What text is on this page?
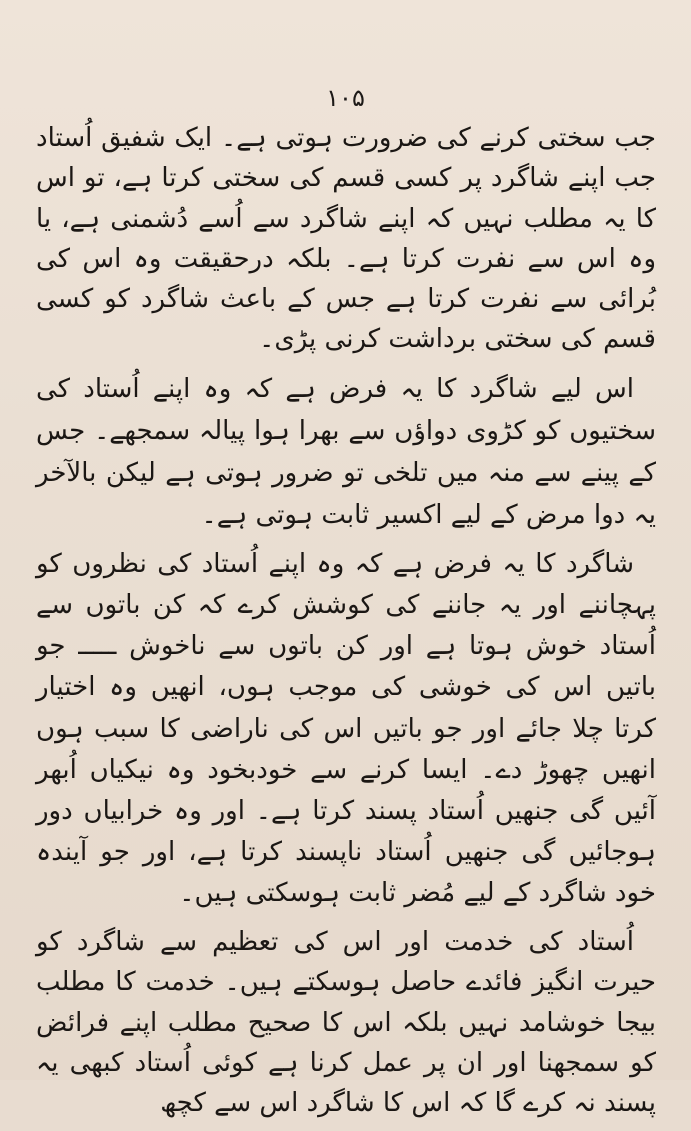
۱۰۵

جب سختی کرنے کی ضرورت ہوتی ہے۔ ایک شفیق اُستاد جب اپنے شاگرد پر کسی قسم کی سختی کرتا ہے، تو اس کا یہ مطلب نہیں کہ اپنے شاگرد سے اُسے دُشمنی ہے، یا وہ اس سے نفرت کرتا ہے۔ بلکہ درحقیقت وہ اس کی بُرائی سے نفرت کرتا ہے جس کے باعث شاگرد کو کسی قسم کی سختی برداشت کرنی پڑی۔

اس لیے شاگرد کا یہ فرض ہے کہ وہ اپنے اُستاد کی سختیوں کو کڑوی دواؤں سے بھرا ہوا پیالہ سمجھے۔ جس کے پینے سے منہ میں تلخی تو ضرور ہوتی ہے لیکن بالآخر یہ دوا مرض کے لیے اکسیر ثابت ہوتی ہے۔

شاگرد کا یہ فرض ہے کہ وہ اپنے اُستاد کی نظروں کو پہچاننے اور یہ جاننے کی کوشش کرے کہ کن باتوں سے اُستاد خوش ہوتا ہے اور کن باتوں سے ناخوش ـــــ جو باتیں اس کی خوشی کی موجب ہوں، انھیں وہ اختیار کرتا چلا جائے اور جو باتیں اس کی ناراضی کا سبب ہوں انھیں چھوڑ دے۔ ایسا کرنے سے خودبخود وہ نیکیاں اُبھر آئیں گی جنھیں اُستاد پسند کرتا ہے۔ اور وہ خرابیاں دور ہوجائیں گی جنھیں اُستاد ناپسند کرتا ہے، اور جو آیندہ خود شاگرد کے لیے مُضر ثابت ہوسکتی ہیں۔

اُستاد کی خدمت اور اس کی تعظیم سے شاگرد کو حیرت انگیز فائدے حاصل ہوسکتے ہیں۔ خدمت کا مطلب بیجا خوشامد نہیں بلکہ اس کا صحیح مطلب اپنے فرائض کو سمجھنا اور ان پر عمل کرنا ہے کوئی اُستاد کبھی یہ پسند نہ کرے گا کہ اس کا شاگرد اس سے کچھ
